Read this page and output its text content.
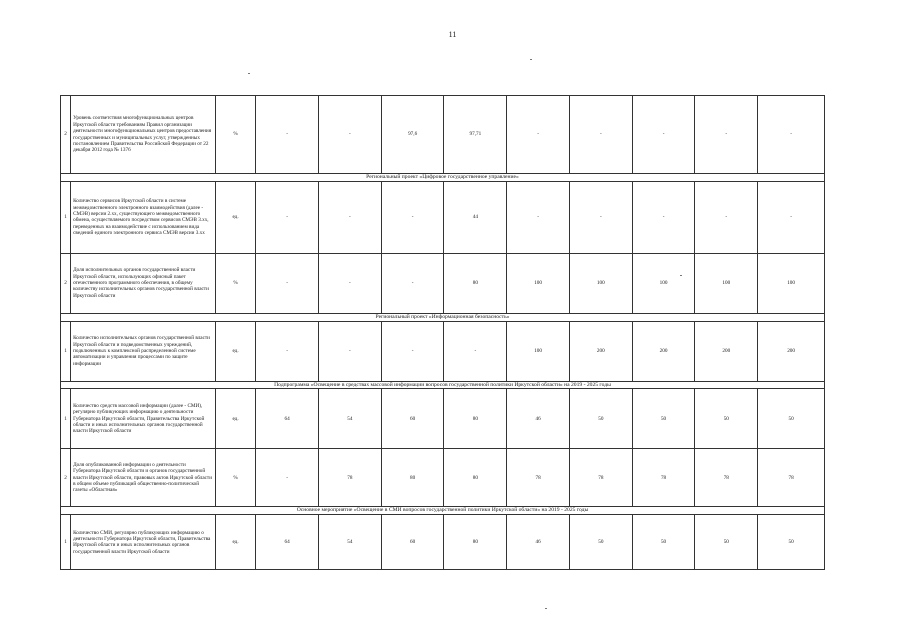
11
2	Уровень соответствия многофункциональных центров Иркутской области требованиям Правил организации деятельности многофункциональных центров предоставления государственных и муниципальных услуг, утвержденных постановлением Правительства Российской Федерации от 22 декабря 2012 года № 1376	%	-	-	97,6	97,71	-	-	-	-	-
Региональный проект «Цифровое государственное управление»											
1	Количество сервисов Иркутской области в системе межведомственного электронного взаимодействия (далее - СМЭВ) версии 2.хх, существующего межведомственного обмена, осуществляемого посредством сервисов СМЭВ 3.хх, переведенных на взаимодействие с использованием вида сведений единого электронного сервиса СМЭВ версии 3.хх	ед.	-	-	-	44	-	-	-	-	-
2	Доля исполнительных органов государственной власти Иркутской области, использующих офисный пакет отечественного программного обеспечения, в общему количеству исполнительных органов государственной власти Иркутской области	%	-	-	-	80	100	100	100	100	100
Региональный проект «Информационная безопасность»											
1	Количество исполнительных органов государственной власти Иркутской области и подведомственных учреждений, подключенных к комплексной распределенной системе автоматизации и управления процессами по защите информации	ед.	-	-	-	-	100	200	200	200	200
Подпрограмма «Освещение в средствах массовой информации вопросов государственной политики Иркутской области» на 2019 - 2025 годы											
1	Количество средств массовой информации (далее - СМИ), регулярно публикующих информацию о деятельности Губернатора Иркутской области, Правительства Иркутской области и иных исполнительных органов государственной власти Иркутской области	ед.	64	54	60	80	46	50	50	50	50
2	Доля опубликованной информации о деятельности Губернатора Иркутской области и органов государственной власти Иркутской области, правовых актов Иркутской области в общем объеме публикаций общественно-политической газеты «Областная»	%	-	78	80	80	78	78	78	78	78
Основное мероприятие «Освещение в СМИ вопросов государственной политики Иркутской области» на 2019 - 2025 годы											
1	Количество СМИ, регулярно публикующих информацию о деятельности Губернатора Иркутской области, Правительства Иркутской области и иных исполнительных органов государственной власти Иркутской области	ед.	64	54	60	80	46	50	50	50	50
